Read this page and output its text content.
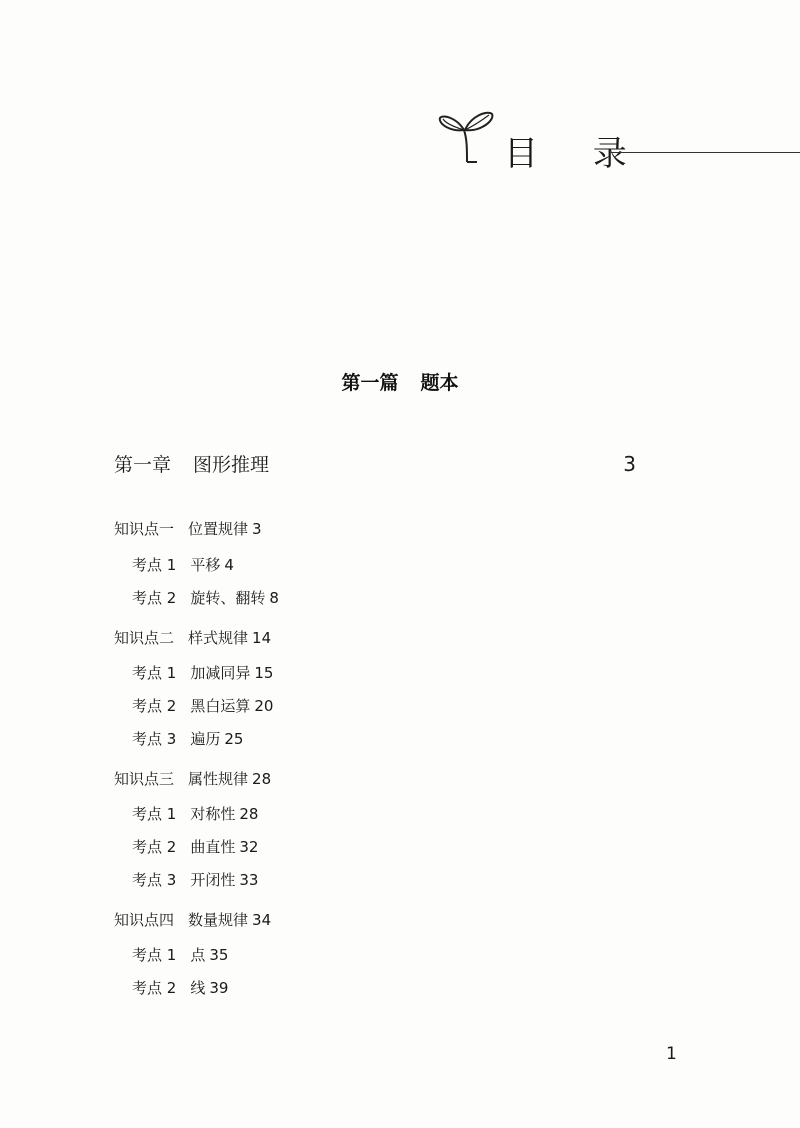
目 录
第一篇 题本
第一章 图形推理	3
知识点一 位置规律 3
考点 1 平移 4
考点 2 旋转、翻转 8
知识点二 样式规律 14
考点 1 加减同异 15
考点 2 黑白运算 20
考点 3 遍历 25
知识点三 属性规律 28
考点 1 对称性 28
考点 2 曲直性 32
考点 3 开闭性 33
知识点四 数量规律 34
考点 1 点 35
考点 2 线 39
1
